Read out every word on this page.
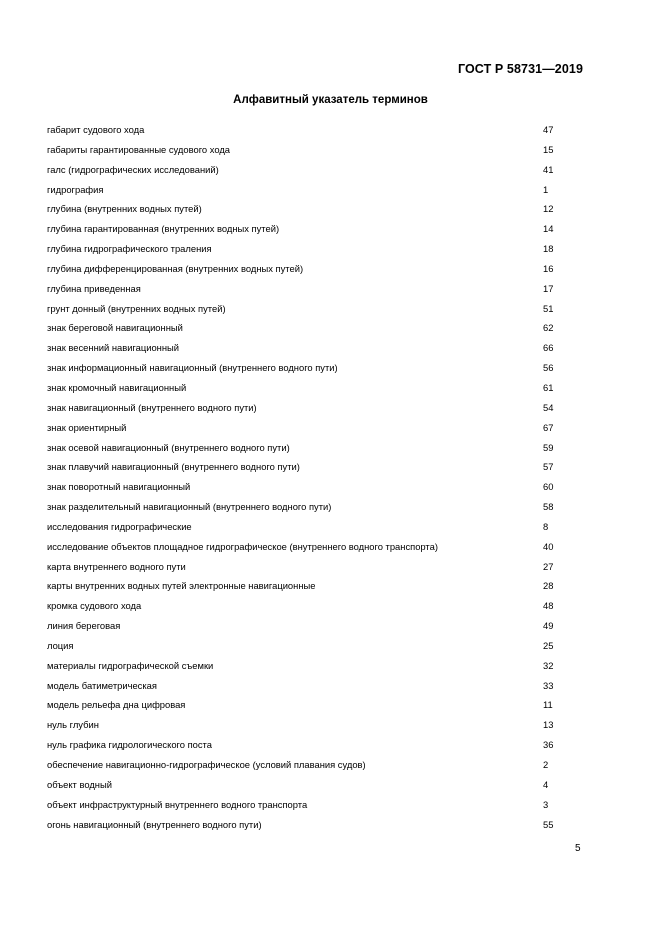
ГОСТ Р 58731—2019
Алфавитный указатель терминов
габарит судового хода	47
габариты гарантированные судового хода	15
галс (гидрографических исследований)	41
гидрография	1
глубина (внутренних водных путей)	12
глубина гарантированная (внутренних водных путей)	14
глубина гидрографического траления	18
глубина дифференцированная (внутренних водных путей)	16
глубина приведенная	17
грунт донный (внутренних водных путей)	51
знак береговой навигационный	62
знак весенний навигационный	66
знак информационный навигационный (внутреннего водного пути)	56
знак кромочный навигационный	61
знак навигационный (внутреннего водного пути)	54
знак ориентирный	67
знак осевой навигационный (внутреннего водного пути)	59
знак плавучий навигационный (внутреннего водного пути)	57
знак поворотный навигационный	60
знак разделительный навигационный (внутреннего водного пути)	58
исследования гидрографические	8
исследование объектов площадное гидрографическое (внутреннего водного транспорта)	40
карта внутреннего водного пути	27
карты внутренних водных путей электронные навигационные	28
кромка судового хода	48
линия береговая	49
лоция	25
материалы гидрографической съемки	32
модель батиметрическая	33
модель рельефа дна цифровая	11
нуль глубин	13
нуль графика гидрологического поста	36
обеспечение навигационно-гидрографическое (условий плавания судов)	2
объект водный	4
объект инфраструктурный внутреннего водного транспорта	3
огонь навигационный (внутреннего водного пути)	55
5
